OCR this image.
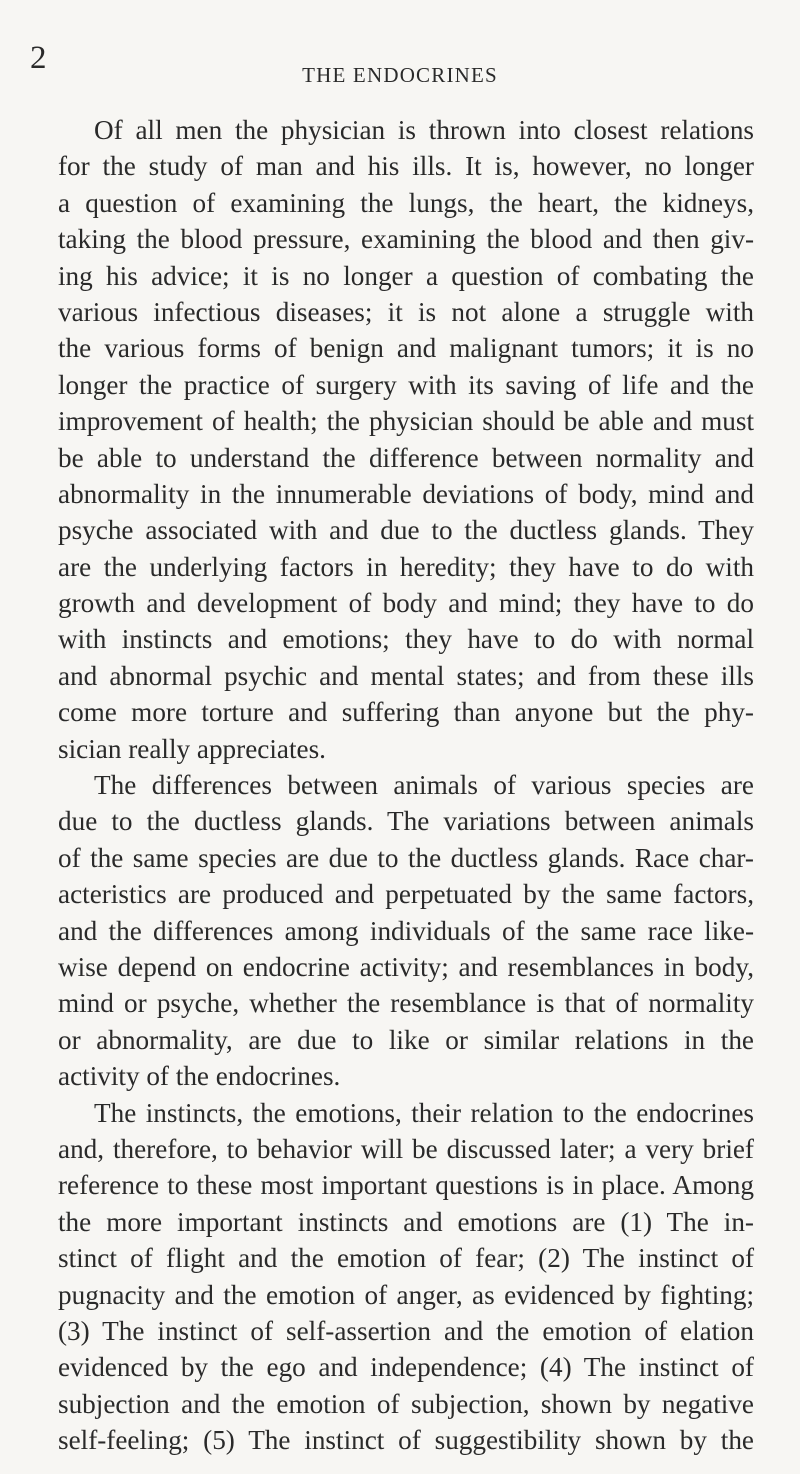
2	THE ENDOCRINES
Of all men the physician is thrown into closest relations
for the study of man and his ills. It is, however, no longer
a question of examining the lungs, the heart, the kidneys,
taking the blood pressure, examining the blood and then giv-
ing his advice; it is no longer a question of combating the
various infectious diseases; it is not alone a struggle with
the various forms of benign and malignant tumors; it is no
longer the practice of surgery with its saving of life and the
improvement of health; the physician should be able and must
be able to understand the difference between normality and
abnormality in the innumerable deviations of body, mind and
psyche associated with and due to the ductless glands. They
are the underlying factors in heredity; they have to do with
growth and development of body and mind; they have to do
with instincts and emotions; they have to do with normal
and abnormal psychic and mental states; and from these ills
come more torture and suffering than anyone but the phy-
sician really appreciates.
The differences between animals of various species are
due to the ductless glands. The variations between animals
of the same species are due to the ductless glands. Race char-
acteristics are produced and perpetuated by the same factors,
and the differences among individuals of the same race like-
wise depend on endocrine activity; and resemblances in body,
mind or psyche, whether the resemblance is that of normality
or abnormality, are due to like or similar relations in the
activity of the endocrines.
The instincts, the emotions, their relation to the endocrines
and, therefore, to behavior will be discussed later; a very brief
reference to these most important questions is in place. Among
the more important instincts and emotions are (1) The in-
stinct of flight and the emotion of fear; (2) The instinct of
pugnacity and the emotion of anger, as evidenced by fighting;
(3) The instinct of self-assertion and the emotion of elation
evidenced by the ego and independence; (4) The instinct of
subjection and the emotion of subjection, shown by negative
self-feeling; (5) The instinct of suggestibility shown by the
